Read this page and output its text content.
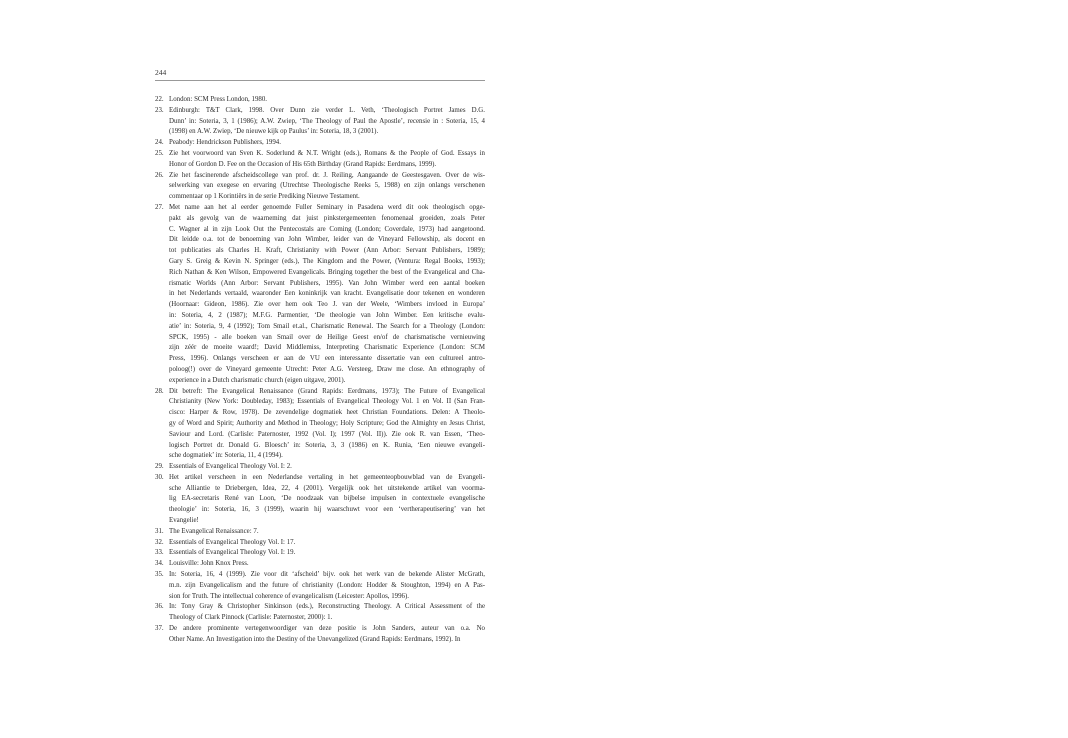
244
22. London: SCM Press London, 1980.
23. Edinburgh: T&T Clark, 1998. Over Dunn zie verder L. Veth, ‘Theologisch Portret James D.G.
Dunn’ in: Soteria, 3, 1 (1986); A.W. Zwiep, ‘The Theology of Paul the Apostle’, recensie in : Soteria, 15, 4
(1998) en A.W. Zwiep, ‘De nieuwe kijk op Paulus’ in: Soteria, 18, 3 (2001).
24. Peabody: Hendrickson Publishers, 1994.
25. Zie het voorwoord van Sven K. Soderlund & N.T. Wright (eds.), Romans & the People of God. Essays in
Honor of Gordon D. Fee on the Occasion of His 65th Birthday (Grand Rapids: Eerdmans, 1999).
26. Zie het fascinerende afscheidscollege van prof. dr. J. Reiling, Aangaande de Geestesgaven. Over de wis-
selwerking van exegese en ervaring (Utrechtse Theologische Reeks 5, 1988) en zijn onlangs verschenen
commentaar op 1 Korintiërs in de serie Prediking Nieuwe Testament.
27. Met name aan het al eerder genoemde Fuller Seminary in Pasadena werd dit ook theologisch opge-
pakt als gevolg van de waarneming dat juist pinkstergemeenten fenomenaal groeiden, zoals Peter
C. Wagner al in zijn Look Out the Pentecostals are Coming (London; Coverdale, 1973) had aangetoond.
Dit leidde o.a. tot de benoeming van John Wimber, leider van de Vineyard Fellowship, als docent en
tot publicaties als Charles H. Kraft, Christianity with Power (Ann Arbor: Servant Publishers, 1989);
Gary S. Greig & Kevin N. Springer (eds.), The Kingdom and the Power, (Ventura: Regal Books, 1993);
Rich Nathan & Ken Wilson, Empowered Evangelicals. Bringing together the best of the Evangelical and Cha-
rismatic Worlds (Ann Arbor: Servant Publishers, 1995). Van John Wimber werd een aantal boeken
in het Nederlands vertaald, waaronder Een koninkrijk van kracht. Evangelisatie door tekenen en wonderen
(Hoornaar: Gideon, 1986). Zie over hem ook Teo J. van der Weele, ‘Wimbers invloed in Europa’
in: Soteria, 4, 2 (1987); M.F.G. Parmentier, ‘De theologie van John Wimber. Een kritische evalu-
atie’ in: Soteria, 9, 4 (1992); Tom Smail et.al., Charismatic Renewal. The Search for a Theology (London:
SPCK, 1995) - alle boeken van Smail over de Heilige Geest en/of de charismatische vernieuwing
zijn zéér de moeite waard!; David Middlemiss, Interpreting Charismatic Experience (London: SCM
Press, 1996). Onlangs verscheen er aan de VU een interessante dissertatie van een cultureel antro-
poloog(!) over de Vineyard gemeente Utrecht: Peter A.G. Versteeg, Draw me close. An ethnography of
experience in a Dutch charismatic church (eigen uitgave, 2001).
28. Dit betreft: The Evangelical Renaissance (Grand Rapids: Eerdmans, 1973); The Future of Evangelical
Christianity (New York: Doubleday, 1983); Essentials of Evangelical Theology Vol. 1 en Vol. II (San Fran-
cisco: Harper & Row, 1978). De zevendelige dogmatiek heet Christian Foundations. Delen: A Theolo-
gy of Word and Spirit; Authority and Method in Theology; Holy Scripture; God the Almighty en Jesus Christ,
Saviour and Lord. (Carlisle: Paternoster, 1992 (Vol. I); 1997 (Vol. II)). Zie ook R. van Essen, ‘Theo-
logisch Portret dr. Donald G. Bloesch’ in: Soteria, 3, 3 (1986) en K. Runia, ‘Een nieuwe evangeli-
sche dogmatiek’ in: Soteria, 11, 4 (1994).
29. Essentials of Evangelical Theology Vol. I: 2.
30. Het artikel verscheen in een Nederlandse vertaling in het gemeenteopbouwblad van de Evangeli-
sche Alliantie te Driebergen, Idea, 22, 4 (2001). Vergelijk ook het uitstekende artikel van voorma-
lig EA-secretaris René van Loon, ‘De noodzaak van bijbelse impulsen in contextuele evangelische
theologie’ in: Soteria, 16, 3 (1999), waarin hij waarschuwt voor een ‘vertherapeutisering’ van het
Evangelie!
31. The Evangelical Renaissance: 7.
32. Essentials of Evangelical Theology Vol. I: 17.
33. Essentials of Evangelical Theology Vol. I: 19.
34. Louisville: John Knox Press.
35. In: Soteria, 16, 4 (1999). Zie voor dit ‘afscheid’ bijv. ook het werk van de bekende Alister McGrath,
m.n. zijn Evangelicalism and the future of christianity (London: Hodder & Stoughton, 1994) en A Pas-
sion for Truth. The intellectual coherence of evangelicalism (Leicester: Apollos, 1996).
36. In: Tony Gray & Christopher Sinkinson (eds.), Reconstructing Theology. A Critical Assessment of the
Theology of Clark Pinnock (Carlisle: Paternoster, 2000): 1.
37. De andere prominente vertegenwoordiger van deze positie is John Sanders, auteur van o.a. No
Other Name. An Investigation into the Destiny of the Unevangelized (Grand Rapids: Eerdmans, 1992). In
